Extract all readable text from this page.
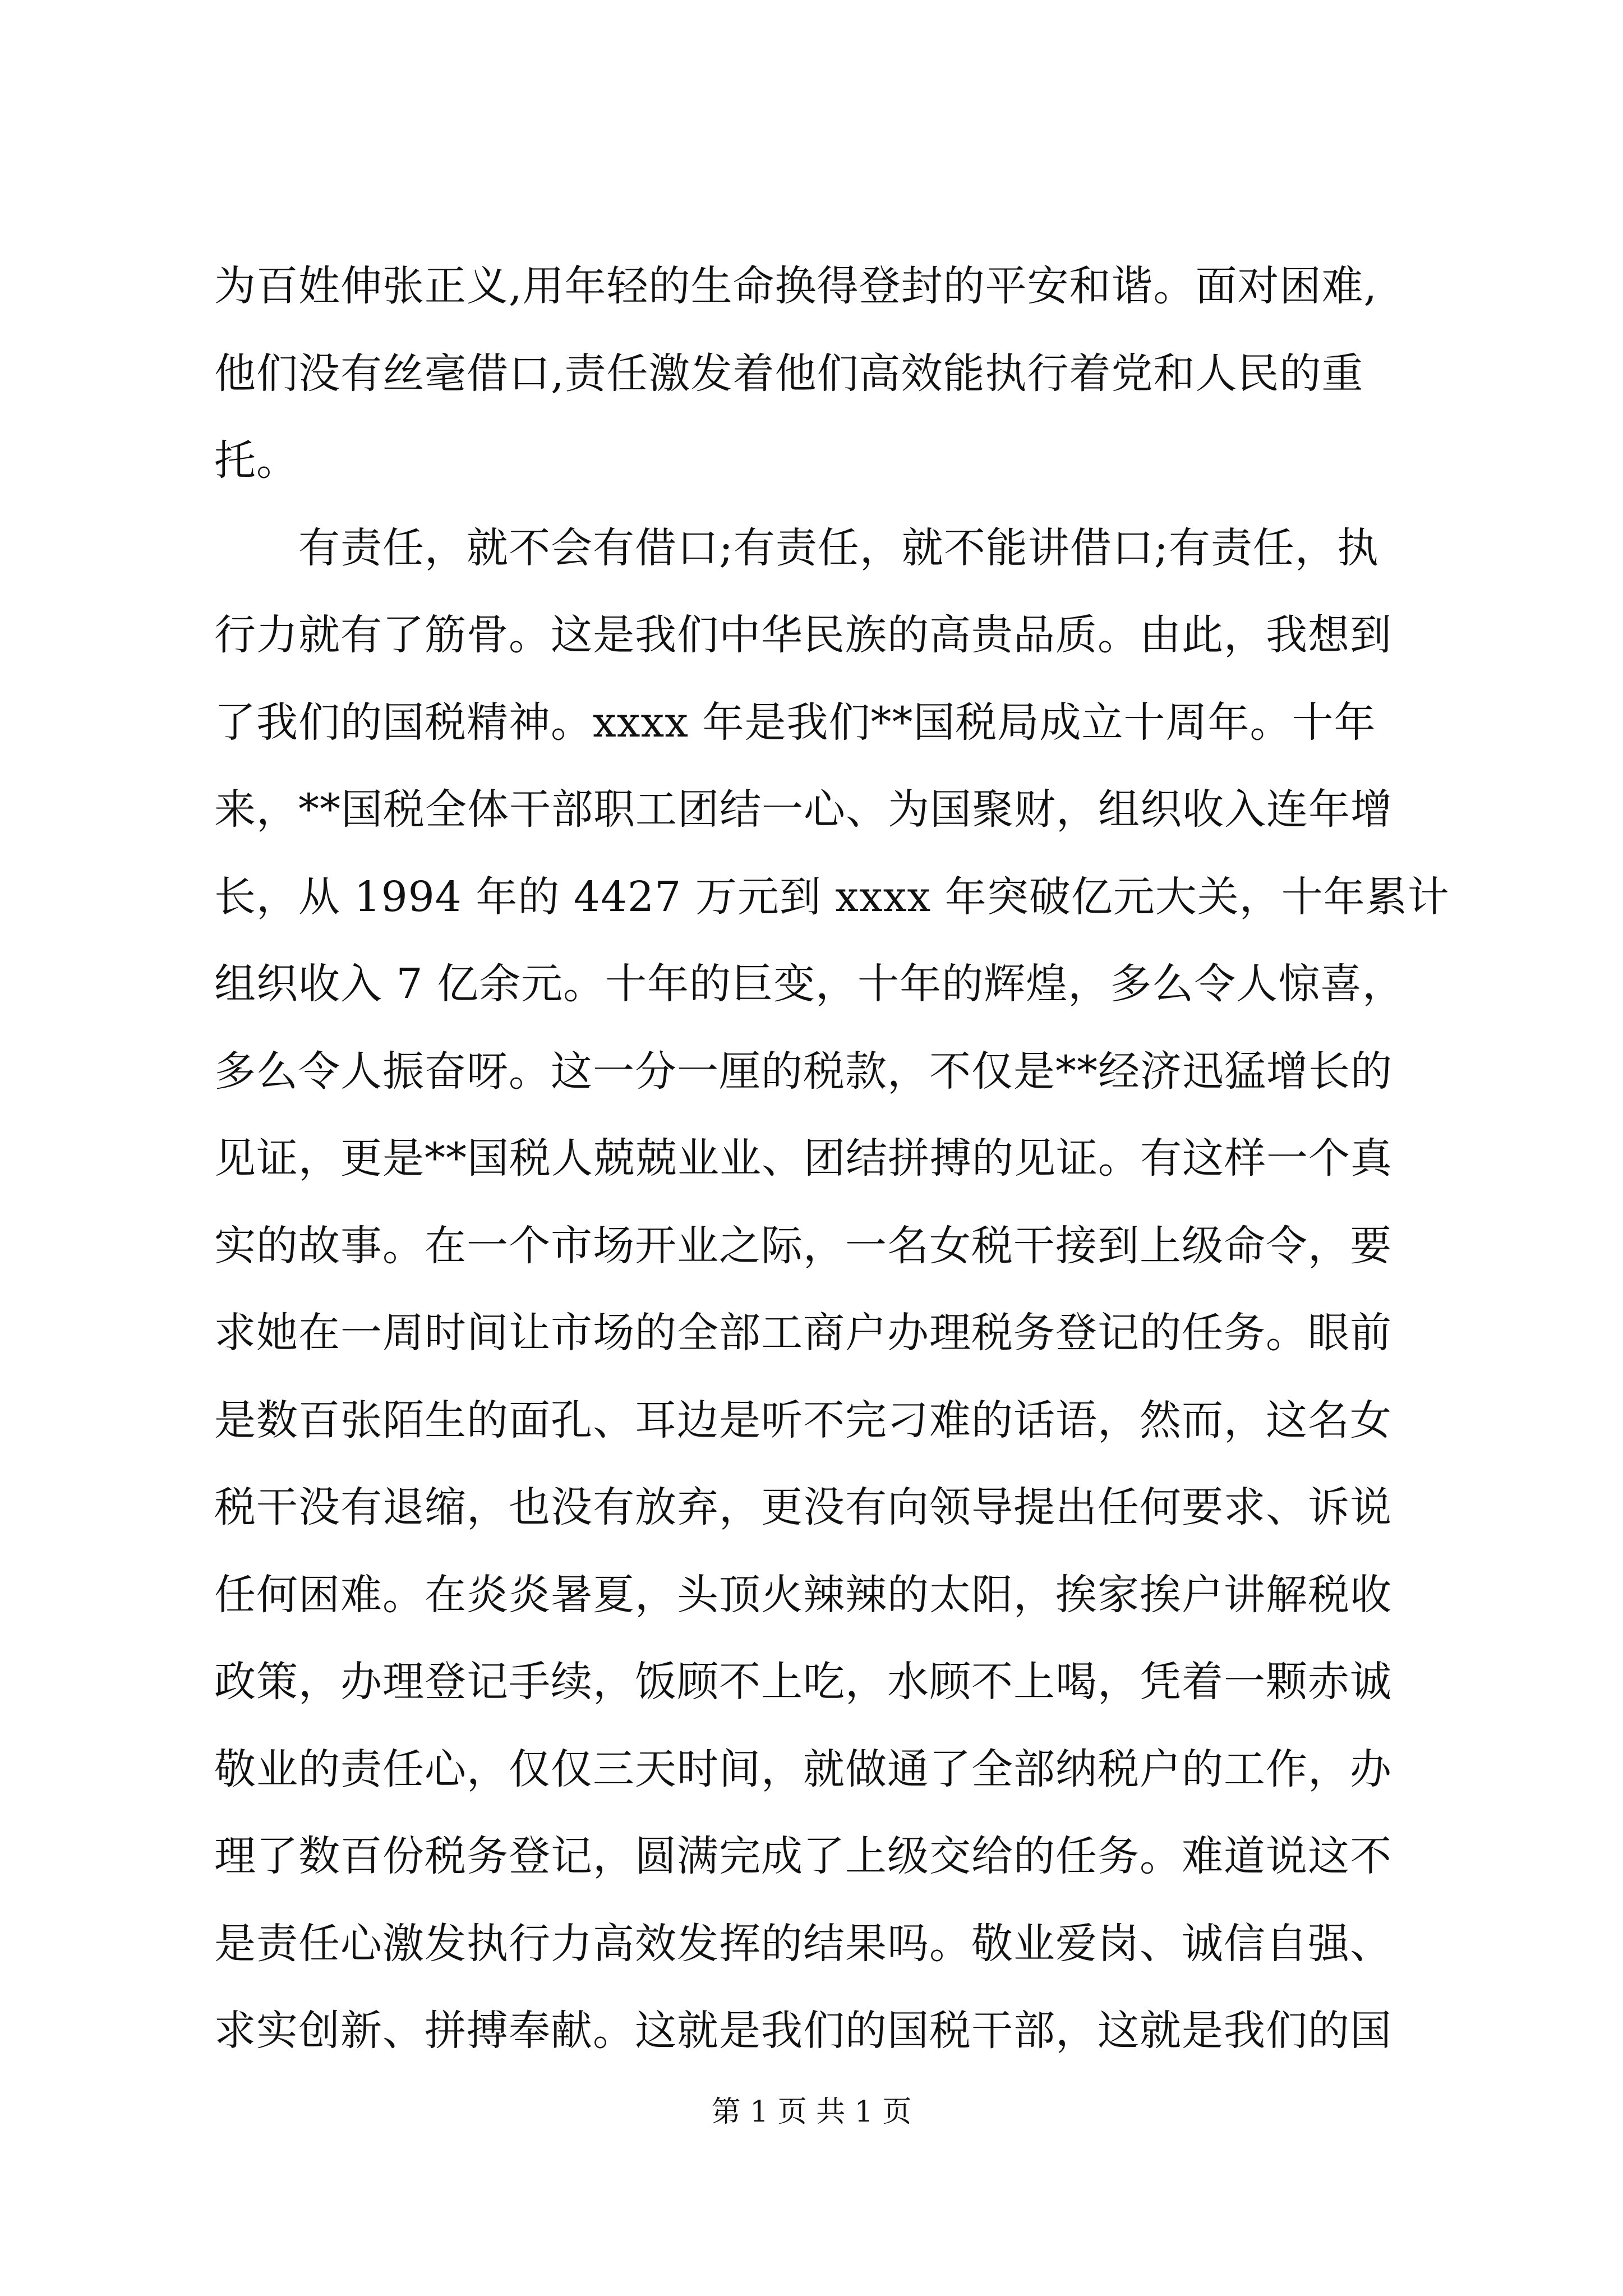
为百姓伸张正义,用年轻的生命换得登封的平安和谐。面对困难,
他们没有丝毫借口,责任激发着他们高效能执行着党和人民的重
托。
　　有责任，就不会有借口;有责任，就不能讲借口;有责任，执
行力就有了筋骨。这是我们中华民族的高贵品质。由此，我想到
了我们的国税精神。xxxx 年是我们**国税局成立十周年。十年
来，**国税全体干部职工团结一心、为国聚财，组织收入连年增
长，从 1994 年的 4427 万元到 xxxx 年突破亿元大关，十年累计
组织收入 7 亿余元。十年的巨变，十年的辉煌，多么令人惊喜，
多么令人振奋呀。这一分一厘的税款，不仅是**经济迅猛增长的
见证，更是**国税人兢兢业业、团结拼搏的见证。有这样一个真
实的故事。在一个市场开业之际，一名女税干接到上级命令，要
求她在一周时间让市场的全部工商户办理税务登记的任务。眼前
是数百张陌生的面孔、耳边是听不完刁难的话语，然而，这名女
税干没有退缩，也没有放弃，更没有向领导提出任何要求、诉说
任何困难。在炎炎暑夏，头顶火辣辣的太阳，挨家挨户讲解税收
政策，办理登记手续，饭顾不上吃，水顾不上喝，凭着一颗赤诚
敬业的责任心，仅仅三天时间，就做通了全部纳税户的工作，办
理了数百份税务登记，圆满完成了上级交给的任务。难道说这不
是责任心激发执行力高效发挥的结果吗。敬业爱岗、诚信自强、
求实创新、拼搏奉献。这就是我们的国税干部，这就是我们的国
第 1 页 共 1 页
